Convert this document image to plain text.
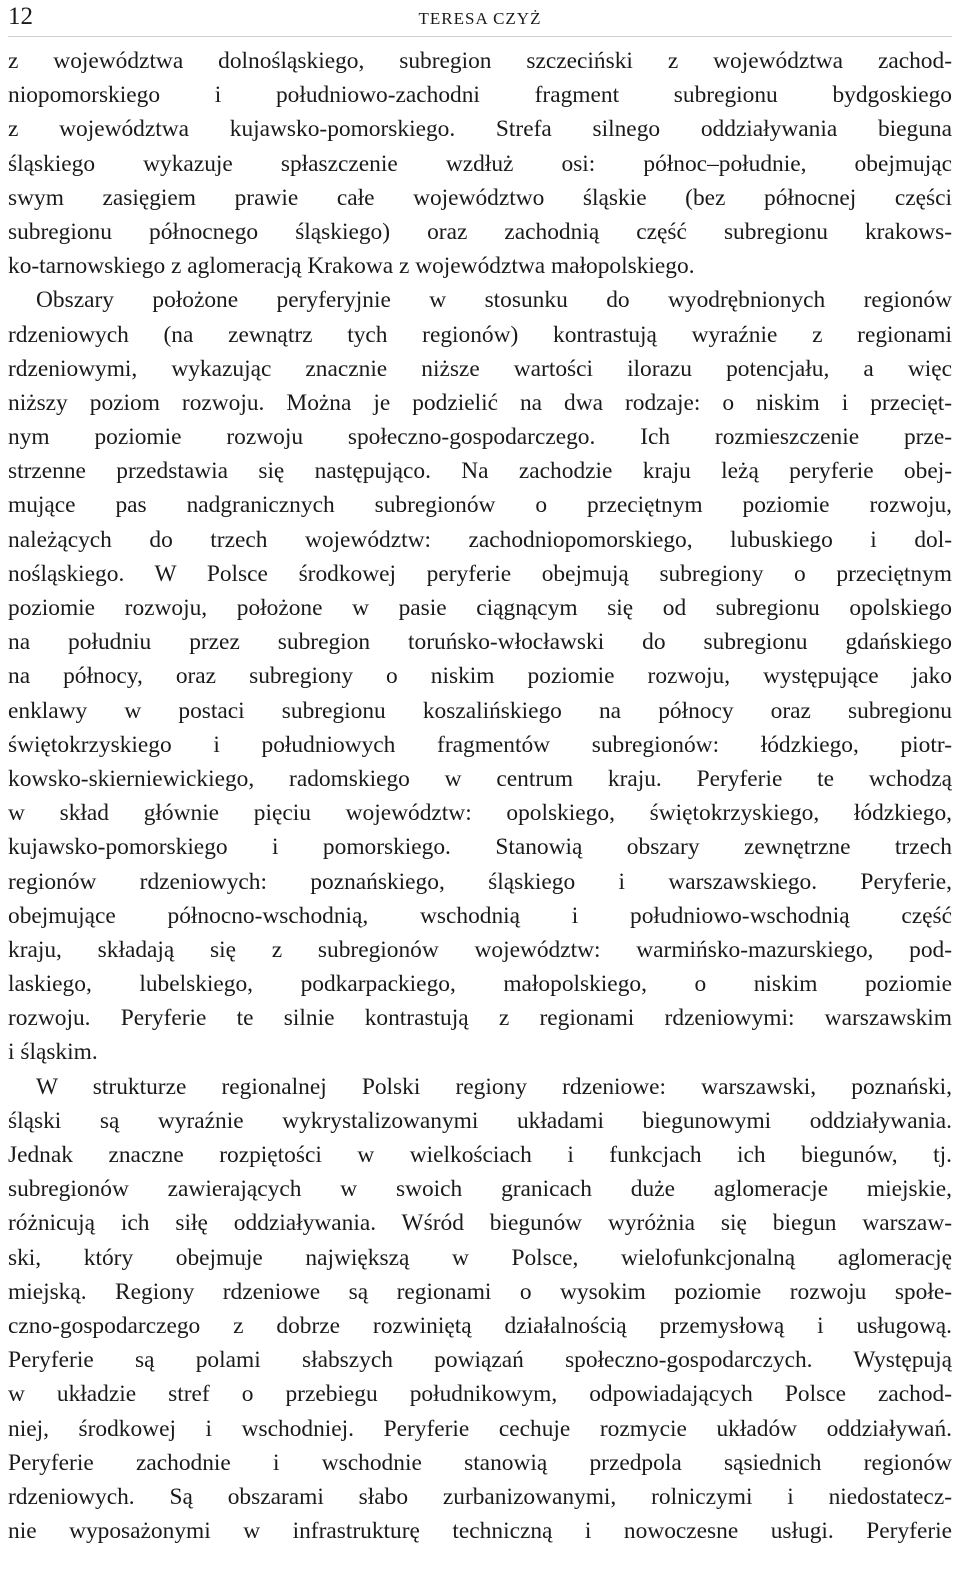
12	TERESA CZYŻ
z województwa dolnośląskiego, subregion szczeciński z województwa zachod-
niopomorskiego i południowo-zachodni fragment subregionu bydgoskiego
z województwa kujawsko-pomorskiego. Strefa silnego oddziaływania bieguna
śląskiego wykazuje spłaszczenie wzdłuż osi: północ–południe, obejmując
swym zasięgiem prawie całe województwo śląskie (bez północnej części
subregionu północnego śląskiego) oraz zachodnią część subregionu krakows-
ko-tarnowskiego z aglomeracją Krakowa z województwa małopolskiego.
Obszary położone peryferyjnie w stosunku do wyodrębnionych regionów
rdzeniowych (na zewnątrz tych regionów) kontrastują wyraźnie z regionami
rdzeniowymi, wykazując znacznie niższe wartości ilorazu potencjału, a więc
niższy poziom rozwoju. Można je podzielić na dwa rodzaje: o niskim i przecięt-
nym poziomie rozwoju społeczno-gospodarczego. Ich rozmieszczenie prze-
strzenne przedstawia się następująco. Na zachodzie kraju leżą peryferie obej-
mujące pas nadgranicznych subregionów o przeciętnym poziomie rozwoju,
należących do trzech województw: zachodniopomorskiego, lubuskiego i dol-
nośląskiego. W Polsce środkowej peryferie obejmują subregiony o przeciętnym
poziomie rozwoju, położone w pasie ciągnącym się od subregionu opolskiego
na południu przez subregion toruńsko-włocławski do subregionu gdańskiego
na północy, oraz subregiony o niskim poziomie rozwoju, występujące jako
enklawy w postaci subregionu koszalińskiego na północy oraz subregionu
świętokrzyskiego i południowych fragmentów subregionów: łódzkiego, piotr-
kowsko-skierniewickiego, radomskiego w centrum kraju. Peryferie te wchodzą
w skład głównie pięciu województw: opolskiego, świętokrzyskiego, łódzkiego,
kujawsko-pomorskiego i pomorskiego. Stanowią obszary zewnętrzne trzech
regionów rdzeniowych: poznańskiego, śląskiego i warszawskiego. Peryferie,
obejmujące północno-wschodnią, wschodnią i południowo-wschodnią część
kraju, składają się z subregionów województw: warmińsko-mazurskiego, pod-
laskiego, lubelskiego, podkarpackiego, małopolskiego, o niskim poziomie
rozwoju. Peryferie te silnie kontrastują z regionami rdzeniowymi: warszawskim
i śląskim.
W strukturze regionalnej Polski regiony rdzeniowe: warszawski, poznański,
śląski są wyraźnie wykrystalizowanymi układami biegunowymi oddziaływania.
Jednak znaczne rozpiętości w wielkościach i funkcjach ich biegunów, tj.
subregionów zawierających w swoich granicach duże aglomeracje miejskie,
różnicują ich siłę oddziaływania. Wśród biegunów wyróżnia się biegun warszaw-
ski, który obejmuje największą w Polsce, wielofunkcjonalną aglomerację
miejską. Regiony rdzeniowe są regionami o wysokim poziomie rozwoju społe-
czno-gospodarczego z dobrze rozwiniętą działalnością przemysłową i usługową.
Peryferie są polami słabszych powiązań społeczno-gospodarczych. Występują
w układzie stref o przebiegu południkowym, odpowiadających Polsce zachod-
niej, środkowej i wschodniej. Peryferie cechuje rozmycie układów oddziaływań.
Peryferie zachodnie i wschodnie stanowią przedpola sąsiednich regionów
rdzeniowych. Są obszarami słabo zurbanizowanymi, rolniczymi i niedostatecz-
nie wyposażonymi w infrastrukturę techniczną i nowoczesne usługi. Peryferie
